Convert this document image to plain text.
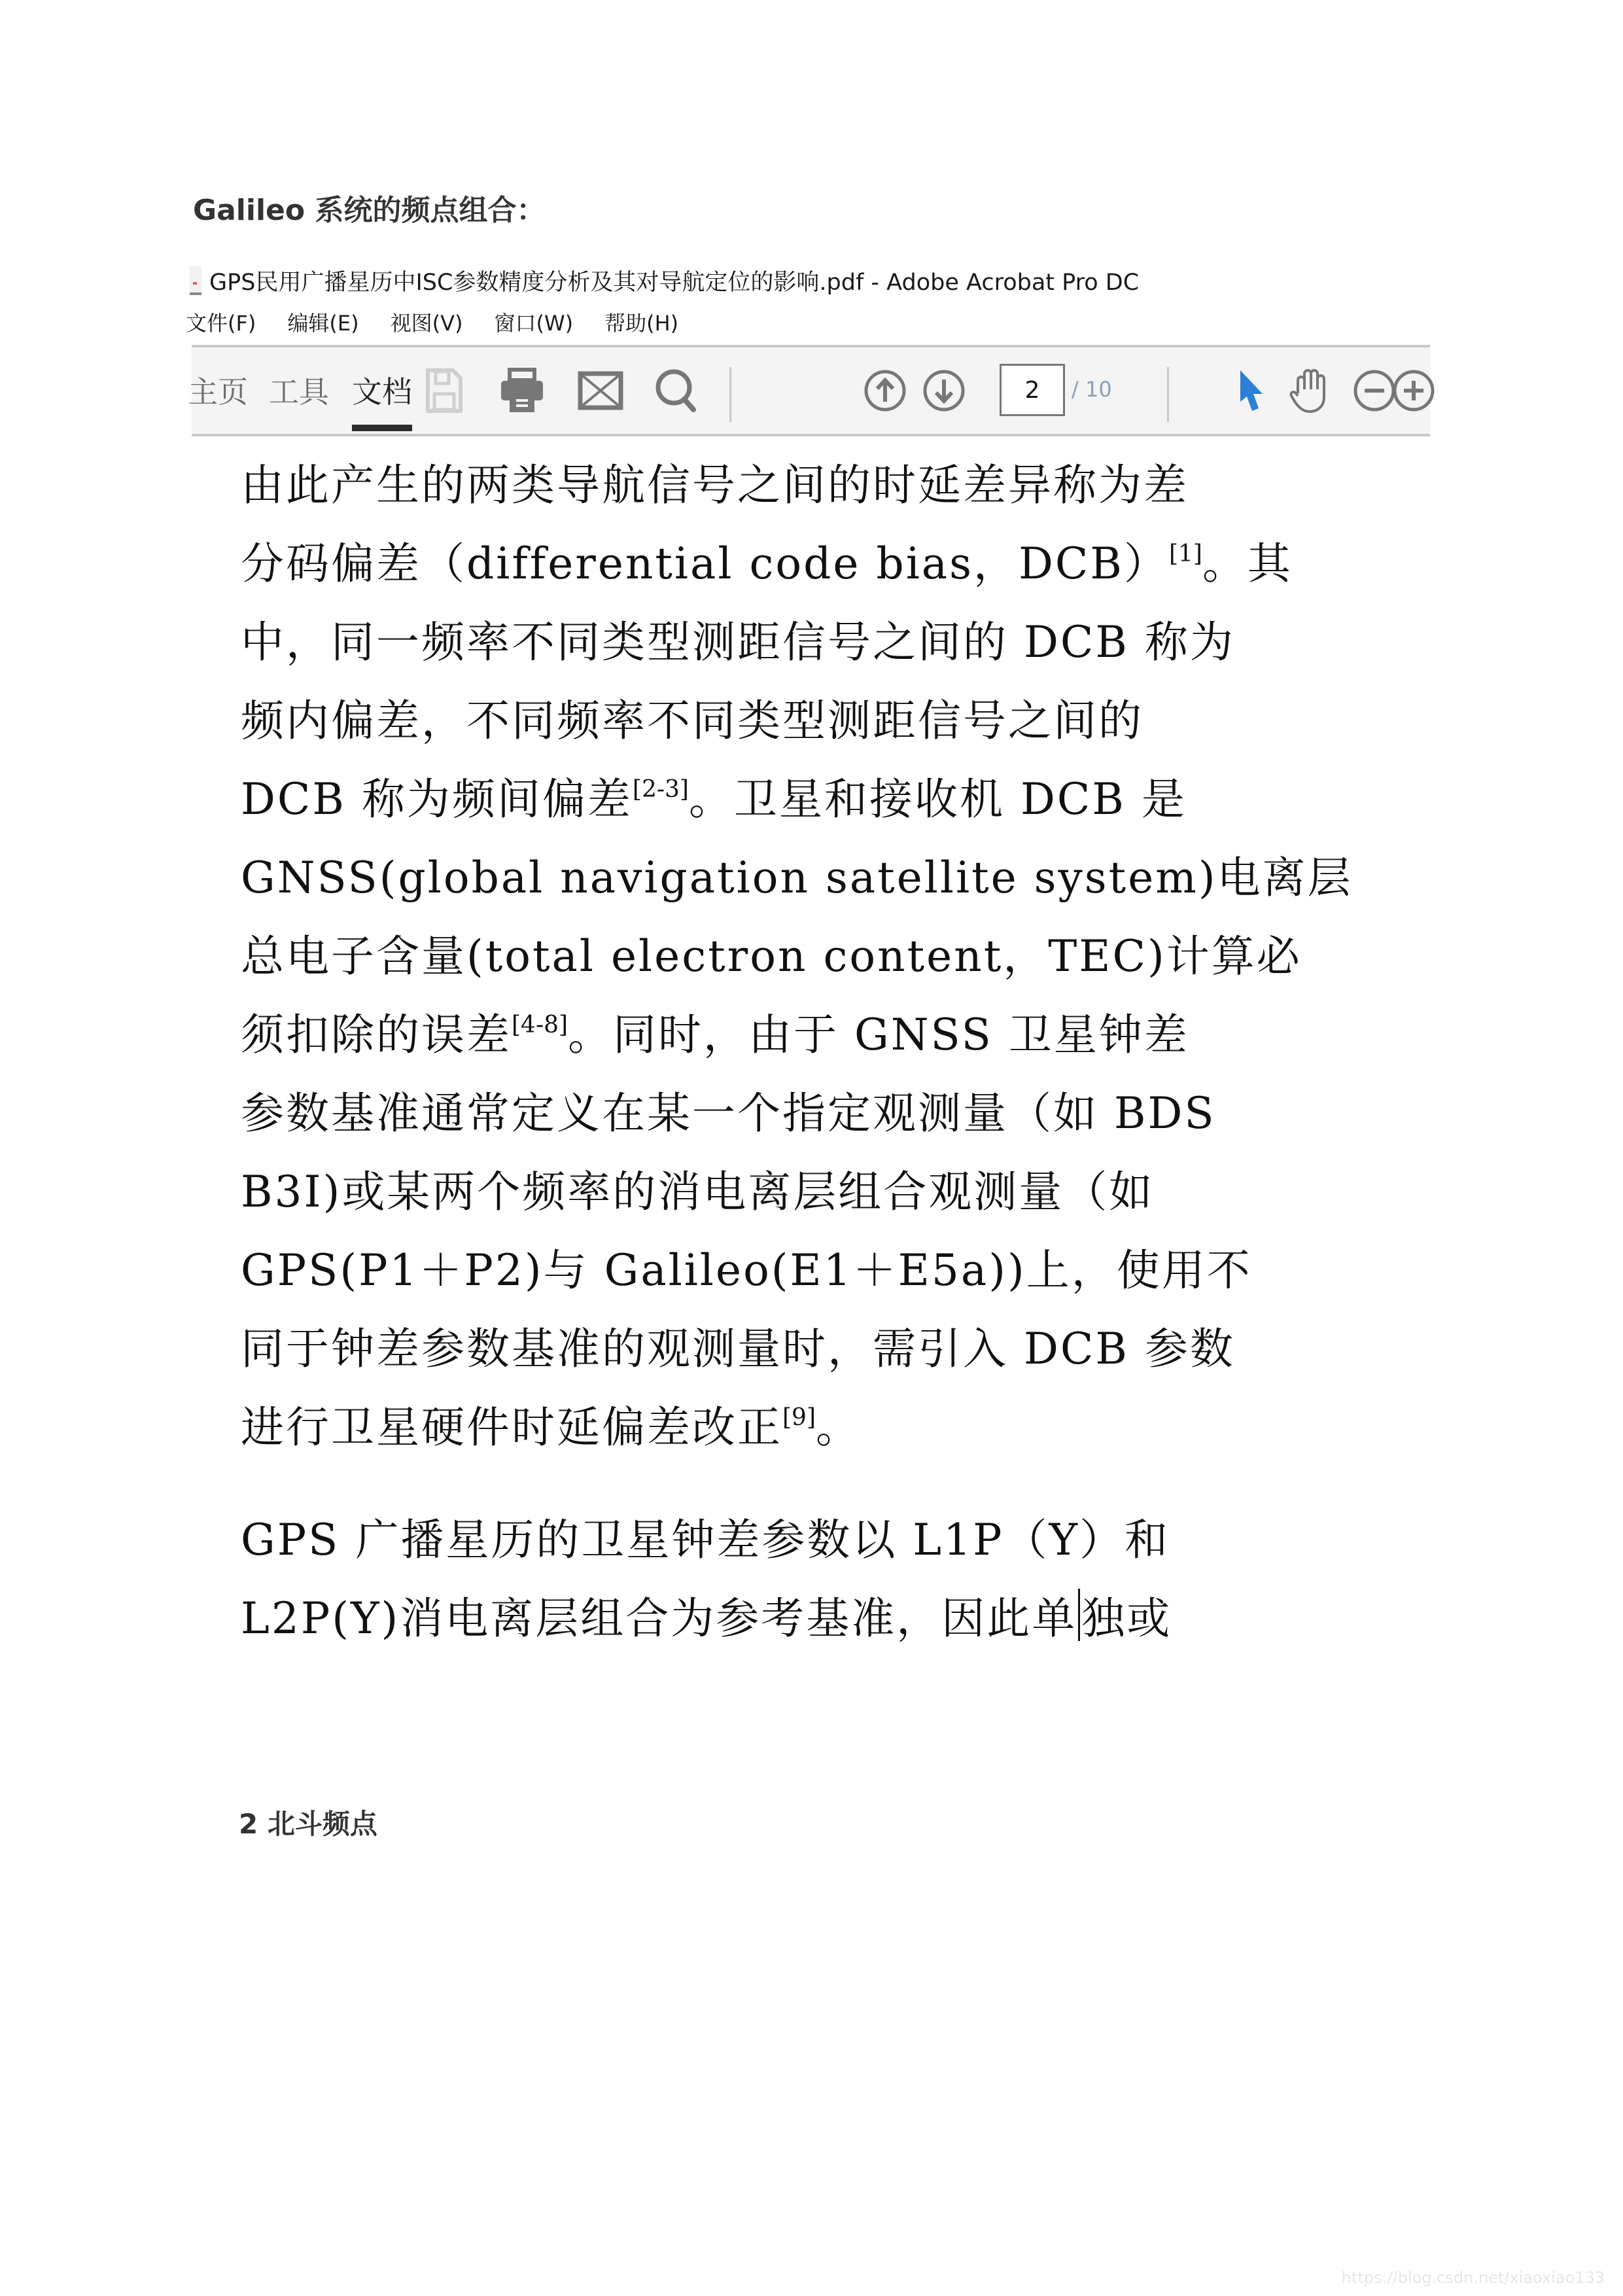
Galileo 系统的频点组合：
GPS民用广播星历中ISC参数精度分析及其对导航定位的影响.pdf - Adobe Acrobat Pro DC
文件(F) 编辑(E) 视图(V) 窗口(W) 帮助(H)
主页 工具 文档	2	/ 10
由此产生的两类导航信号之间的时延差异称为差
分码偏差（differential code bias，DCB）[1]。其
中，同一频率不同类型测距信号之间的 DCB 称为
频内偏差，不同频率不同类型测距信号之间的
DCB 称为频间偏差[2-3]。卫星和接收机 DCB 是
GNSS(global navigation satellite system)电离层
总电子含量(total electron content，TEC)计算必
须扣除的误差[4-8]。同时，由于 GNSS 卫星钟差
参数基准通常定义在某一个指定观测量（如 BDS
B3I)或某两个频率的消电离层组合观测量（如
GPS(P1＋P2)与 Galileo(E1＋E5a))上，使用不
同于钟差参数基准的观测量时，需引入 DCB 参数
进行卫星硬件时延偏差改正[9]。
GPS 广播星历的卫星钟差参数以 L1P（Y）和
L2P(Y)消电离层组合为参考基准，因此单 独或
2 北斗频点
https://blog.csdn.net/xiaoxiao133
